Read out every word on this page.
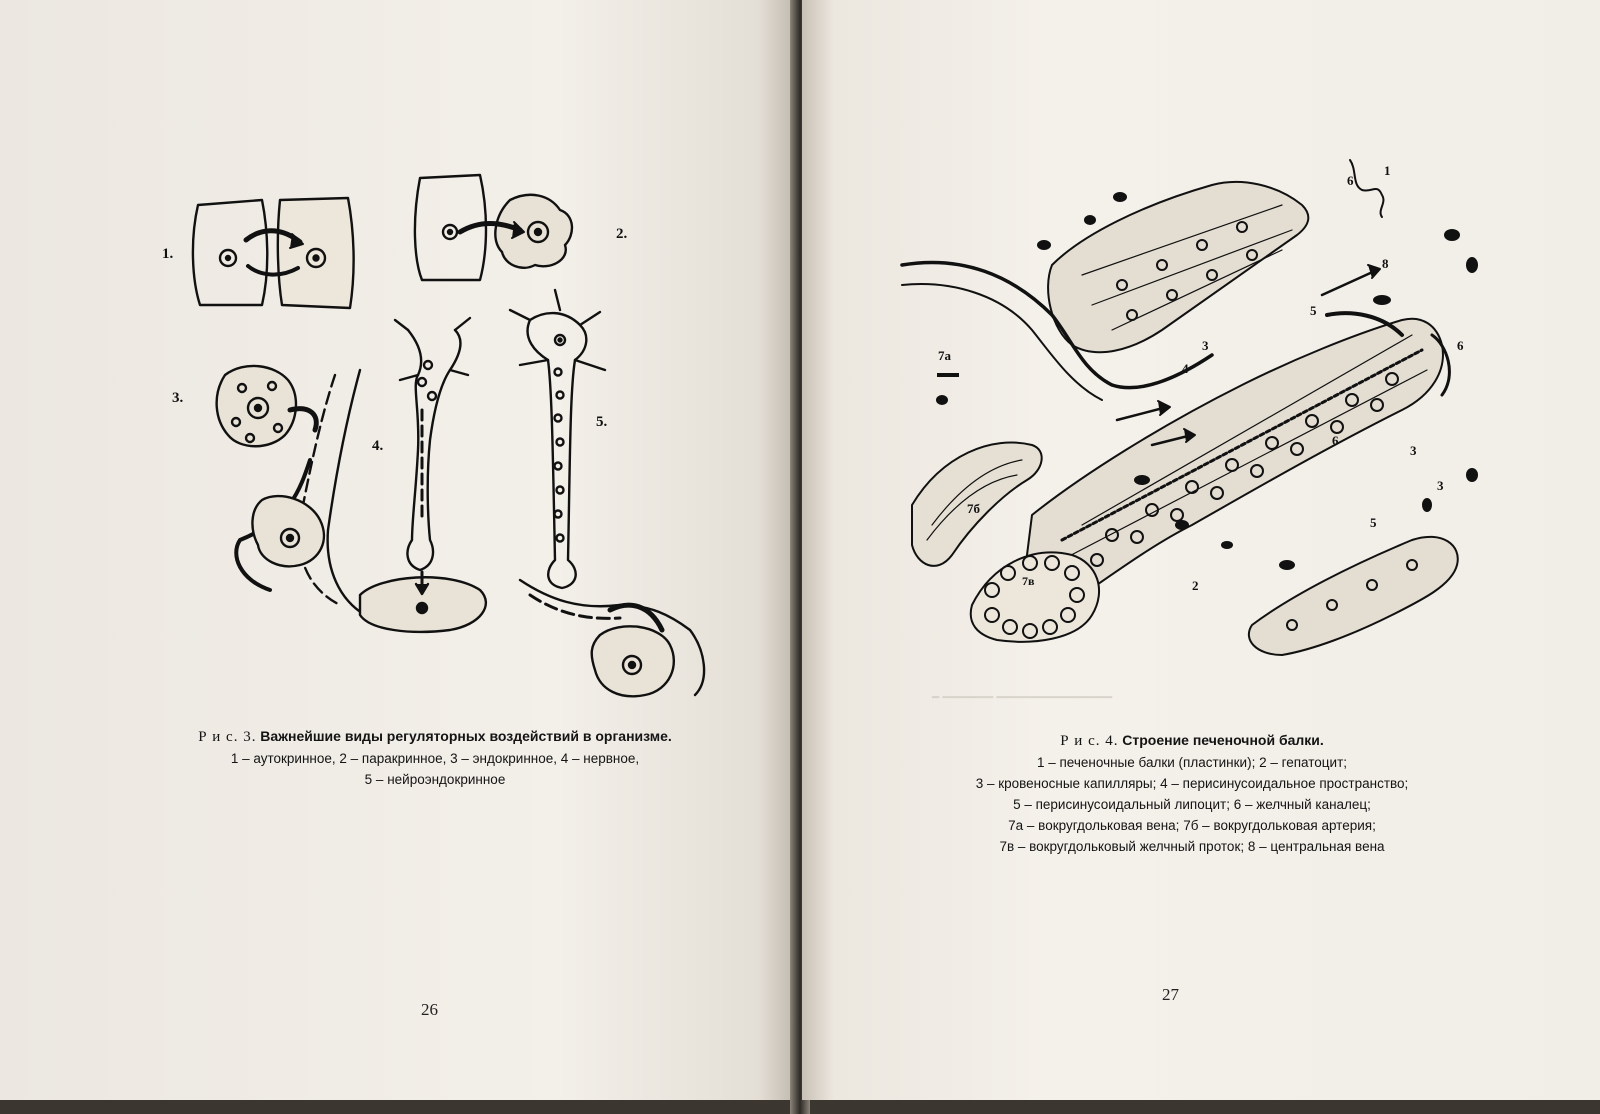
1.
2.
3.
4.
5.
Р и с. 3. Важнейшие виды регуляторных воздействий в организме.
1 – аутокринное, 2 – паракринное, 3 – эндокринное, 4 – нервное,
5 – нейроэндокринное
26
1
2
3
3
3
4
5
5
6
6
6
7а
7б
7в
8
━ ━━━━━━━ ━━━━━━━━━━━━━━━━
Р и с. 4. Строение печеночной балки.
1 – печеночные балки (пластинки); 2 – гепатоцит;
3 – кровеносные капилляры; 4 – перисинусоидальное пространство;
5 – перисинусоидальный липоцит; 6 – желчный каналец;
7а – вокругдольковая вена; 7б – вокругдольковая артерия;
7в – вокругдольковый желчный проток; 8 – центральная вена
27
